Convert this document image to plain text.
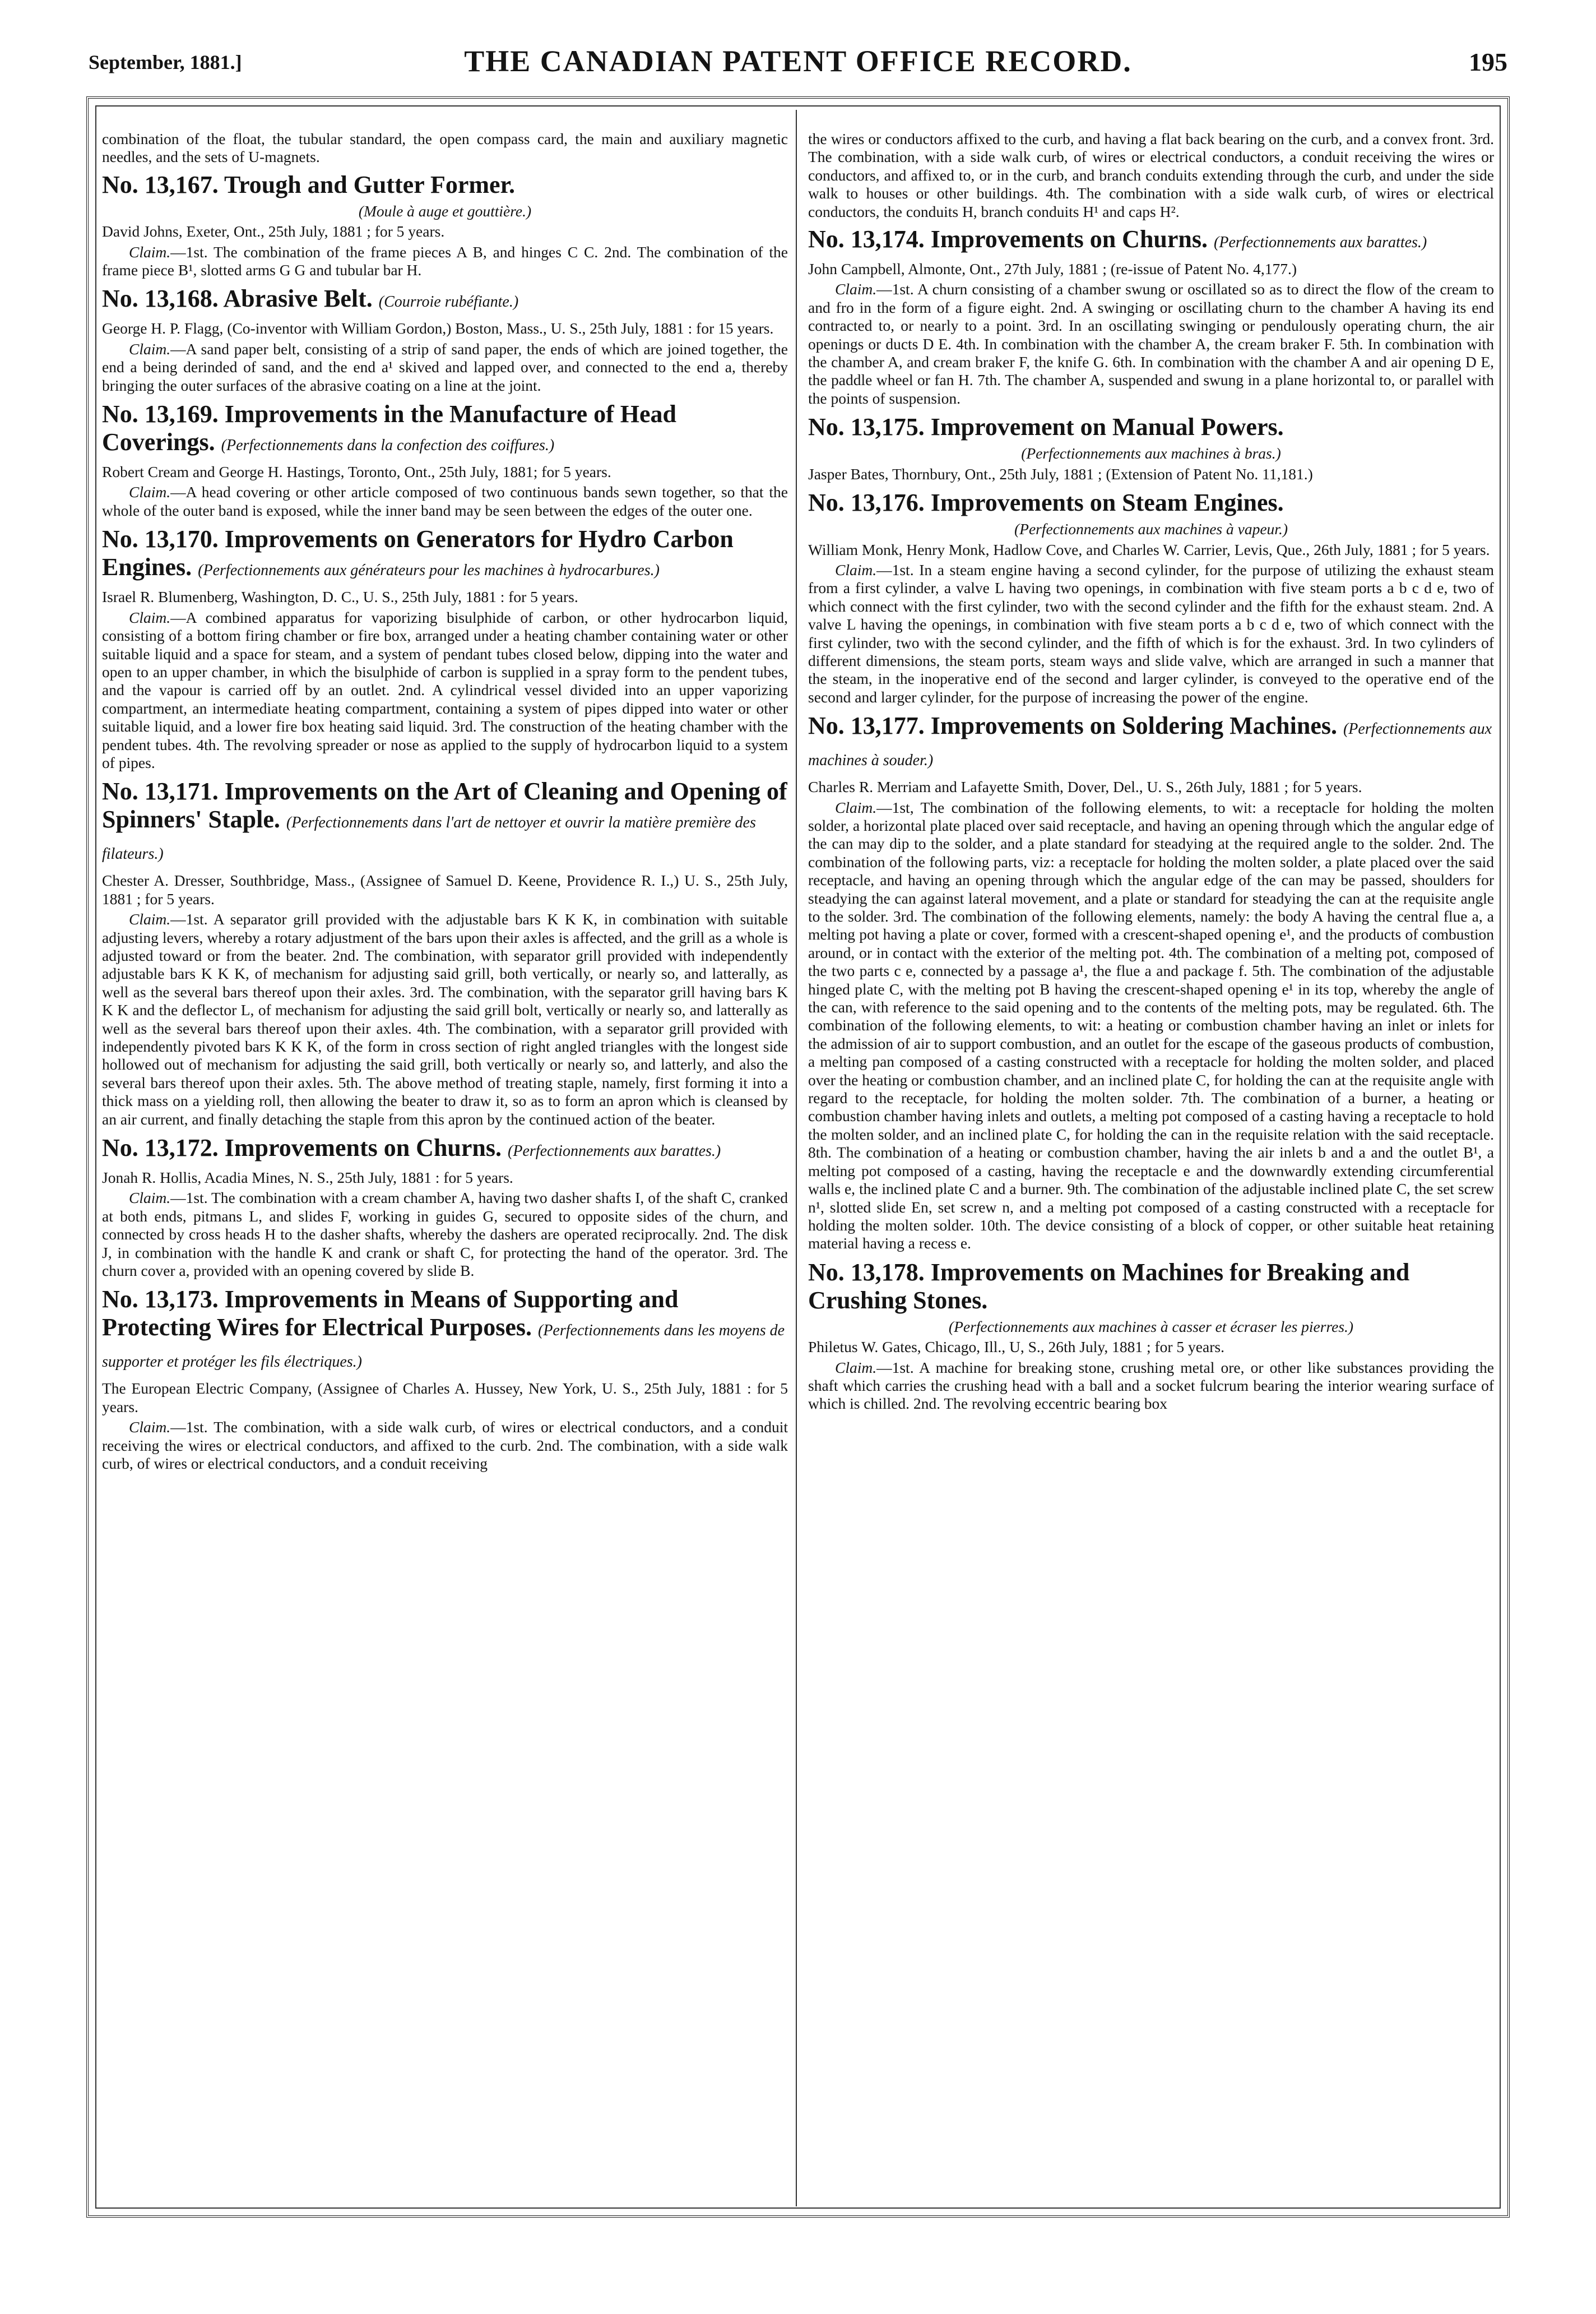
September, 1881.]	THE CANADIAN PATENT OFFICE RECORD.	195

combination of the float, the tubular standard, the open compass card, the main and auxiliary magnetic needles, and the sets of U-magnets.

No. 13,167. Trough and Gutter Former.
(Moule à auge et gouttière.)
David Johns, Exeter, Ont., 25th July, 1881 ; for 5 years.

Claim.—1st. The combination of the frame pieces A B, and hinges C C. 2nd. The combination of the frame piece B¹, slotted arms G G and tubular bar H.

No. 13,168. Abrasive Belt. (Courroie rubéfiante.)
George H. P. Flagg, (Co-inventor with William Gordon,) Boston, Mass., U. S., 25th July, 1881 : for 15 years.

Claim.—A sand paper belt, consisting of a strip of sand paper, the ends of which are joined together, the end a being derinded of sand, and the end a¹ skived and lapped over, and connected to the end a, thereby bringing the outer surfaces of the abrasive coating on a line at the joint.

No. 13,169. Improvements in the Manufacture of Head Coverings. (Perfectionnements dans la confection des coiffures.)
Robert Cream and George H. Hastings, Toronto, Ont., 25th July, 1881; for 5 years.

Claim.—A head covering or other article composed of two continuous bands sewn together, so that the whole of the outer band is exposed, while the inner band may be seen between the edges of the outer one.

No. 13,170. Improvements on Generators for Hydro Carbon Engines. (Perfectionnements aux générateurs pour les machines à hydrocarbures.)
Israel R. Blumenberg, Washington, D. C., U. S., 25th July, 1881 : for 5 years.

Claim.—A combined apparatus for vaporizing bisulphide of carbon, or other hydrocarbon liquid, consisting of a bottom firing chamber or fire box, arranged under a heating chamber containing water or other suitable liquid and a space for steam, and a system of pendant tubes closed below, dipping into the water and open to an upper chamber, in which the bisulphide of carbon is supplied in a spray form to the pendent tubes, and the vapour is carried off by an outlet. 2nd. A cylindrical vessel divided into an upper vaporizing compartment, an intermediate heating compartment, containing a system of pipes dipped into water or other suitable liquid, and a lower fire box heating said liquid. 3rd. The construction of the heating chamber with the pendent tubes. 4th. The revolving spreader or nose as applied to the supply of hydrocarbon liquid to a system of pipes.

No. 13,171. Improvements on the Art of Cleaning and Opening of Spinners' Staple. (Perfectionnements dans l'art de nettoyer et ouvrir la matière première des filateurs.)
Chester A. Dresser, Southbridge, Mass., (Assignee of Samuel D. Keene, Providence R. I.,) U. S., 25th July, 1881 ; for 5 years.

Claim.—1st. A separator grill provided with the adjustable bars K K K, in combination with suitable adjusting levers, whereby a rotary adjustment of the bars upon their axles is affected, and the grill as a whole is adjusted toward or from the beater. 2nd. The combination, with separator grill provided with independently adjustable bars K K K, of mechanism for adjusting said grill, both vertically, or nearly so, and latterally, as well as the several bars thereof upon their axles. 3rd. The combination, with the separator grill having bars K K K and the deflector L, of mechanism for adjusting the said grill bolt, vertically or nearly so, and latterally as well as the several bars thereof upon their axles. 4th. The combination, with a separator grill provided with independently pivoted bars K K K, of the form in cross section of right angled triangles with the longest side hollowed out of mechanism for adjusting the said grill, both vertically or nearly so, and latterly, and also the several bars thereof upon their axles. 5th. The above method of treating staple, namely, first forming it into a thick mass on a yielding roll, then allowing the beater to draw it, so as to form an apron which is cleansed by an air current, and finally detaching the staple from this apron by the continued action of the beater.

No. 13,172. Improvements on Churns. (Perfectionnements aux barattes.)
Jonah R. Hollis, Acadia Mines, N. S., 25th July, 1881 : for 5 years.

Claim.—1st. The combination with a cream chamber A, having two dasher shafts I, of the shaft C, cranked at both ends, pitmans L, and slides F, working in guides G, secured to opposite sides of the churn, and connected by cross heads H to the dasher shafts, whereby the dashers are operated reciprocally. 2nd. The disk J, in combination with the handle K and crank or shaft C, for protecting the hand of the operator. 3rd. The churn cover a, provided with an opening covered by slide B.

No. 13,173. Improvements in Means of Supporting and Protecting Wires for Electrical Purposes. (Perfectionnements dans les moyens de supporter et protéger les fils électriques.)
The European Electric Company, (Assignee of Charles A. Hussey, New York, U. S., 25th July, 1881 : for 5 years.

Claim.—1st. The combination, with a side walk curb, of wires or electrical conductors, and a conduit receiving the wires or electrical conductors, and affixed to the curb. 2nd. The combination, with a side walk curb, of wires or electrical conductors, and a conduit receiving

the wires or conductors affixed to the curb, and having a flat back bearing on the curb, and a convex front. 3rd. The combination, with a side walk curb, of wires or electrical conductors, a conduit receiving the wires or conductors, and affixed to, or in the curb, and branch conduits extending through the curb, and under the side walk to houses or other buildings. 4th. The combination with a side walk curb, of wires or electrical conductors, the conduits H, branch conduits H¹ and caps H².

No. 13,174. Improvements on Churns. (Perfectionnements aux barattes.)
John Campbell, Almonte, Ont., 27th July, 1881 ; (re-issue of Patent No. 4,177.)

Claim.—1st. A churn consisting of a chamber swung or oscillated so as to direct the flow of the cream to and fro in the form of a figure eight. 2nd. A swinging or oscillating churn to the chamber A having its end contracted to, or nearly to a point. 3rd. In an oscillating swinging or pendulously operating churn, the air openings or ducts D E. 4th. In combination with the chamber A, the cream braker F. 5th. In combination with the chamber A, and cream braker F, the knife G. 6th. In combination with the chamber A and air opening D E, the paddle wheel or fan H. 7th. The chamber A, suspended and swung in a plane horizontal to, or parallel with the points of suspension.

No. 13,175. Improvement on Manual Powers.
(Perfectionnements aux machines à bras.)
Jasper Bates, Thornbury, Ont., 25th July, 1881 ; (Extension of Patent No. 11,181.)
No. 13,176. Improvements on Steam Engines.
(Perfectionnements aux machines à vapeur.)
William Monk, Henry Monk, Hadlow Cove, and Charles W. Carrier, Levis, Que., 26th July, 1881 ; for 5 years.

Claim.—1st. In a steam engine having a second cylinder, for the purpose of utilizing the exhaust steam from a first cylinder, a valve L having two openings, in combination with five steam ports a b c d e, two of which connect with the first cylinder, two with the second cylinder and the fifth for the exhaust steam. 2nd. A valve L having the openings, in combination with five steam ports a b c d e, two of which connect with the first cylinder, two with the second cylinder, and the fifth of which is for the exhaust. 3rd. In two cylinders of different dimensions, the steam ports, steam ways and slide valve, which are arranged in such a manner that the steam, in the inoperative end of the second and larger cylinder, is conveyed to the operative end of the second and larger cylinder, for the purpose of increasing the power of the engine.

No. 13,177. Improvements on Soldering Machines. (Perfectionnements aux machines à souder.)
Charles R. Merriam and Lafayette Smith, Dover, Del., U. S., 26th July, 1881 ; for 5 years.

Claim.—1st, The combination of the following elements, to wit: a receptacle for holding the molten solder, a horizontal plate placed over said receptacle, and having an opening through which the angular edge of the can may dip to the solder, and a plate standard for steadying at the required angle to the solder. 2nd. The combination of the following parts, viz: a receptacle for holding the molten solder, a plate placed over the said receptacle, and having an opening through which the angular edge of the can may be passed, shoulders for steadying the can against lateral movement, and a plate or standard for steadying the can at the requisite angle to the solder. 3rd. The combination of the following elements, namely: the body A having the central flue a, a melting pot having a plate or cover, formed with a crescent-shaped opening e¹, and the products of combustion around, or in contact with the exterior of the melting pot. 4th. The combination of a melting pot, composed of the two parts c e, connected by a passage a¹, the flue a and package f. 5th. The combination of the adjustable hinged plate C, with the melting pot B having the crescent-shaped opening e¹ in its top, whereby the angle of the can, with reference to the said opening and to the contents of the melting pots, may be regulated. 6th. The combination of the following elements, to wit: a heating or combustion chamber having an inlet or inlets for the admission of air to support combustion, and an outlet for the escape of the gaseous products of combustion, a melting pan composed of a casting constructed with a receptacle for holding the molten solder, and placed over the heating or combustion chamber, and an inclined plate C, for holding the can at the requisite angle with regard to the receptacle, for holding the molten solder. 7th. The combination of a burner, a heating or combustion chamber having inlets and outlets, a melting pot composed of a casting having a receptacle to hold the molten solder, and an inclined plate C, for holding the can in the requisite relation with the said receptacle. 8th. The combination of a heating or combustion chamber, having the air inlets b and a and the outlet B¹, a melting pot composed of a casting, having the receptacle e and the downwardly extending circumferential walls e, the inclined plate C and a burner. 9th. The combination of the adjustable inclined plate C, the set screw n¹, slotted slide En, set screw n, and a melting pot composed of a casting constructed with a receptacle for holding the molten solder. 10th. The device consisting of a block of copper, or other suitable heat retaining material having a recess e.

No. 13,178. Improvements on Machines for Breaking and Crushing Stones.
(Perfectionnements aux machines à casser et écraser les pierres.)
Philetus W. Gates, Chicago, Ill., U, S., 26th July, 1881 ; for 5 years.

Claim.—1st. A machine for breaking stone, crushing metal ore, or other like substances providing the shaft which carries the crushing head with a ball and a socket fulcrum bearing the interior wearing surface of which is chilled. 2nd. The revolving eccentric bearing box
